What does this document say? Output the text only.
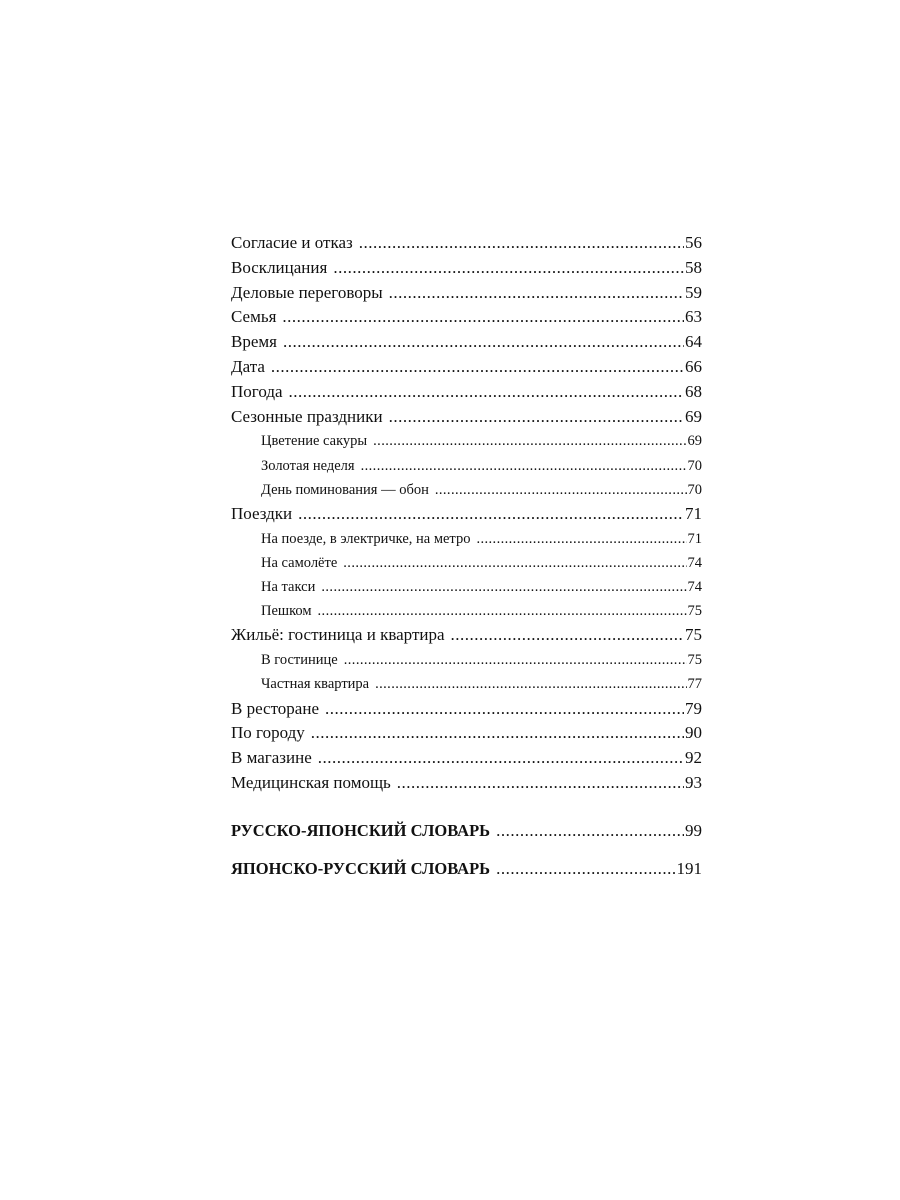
Согласие и отказ .....	56
Восклицания .....	58
Деловые переговоры .....	59
Семья .....	63
Время .....	64
Дата .....	66
Погода .....	68
Сезонные праздники .....	69
Цветение сакуры .....	69
Золотая неделя .....	70
День поминования — обон .....	70
Поездки .....	71
На поезде, в электричке, на метро .....	71
На самолёте .....	74
На такси .....	74
Пешком .....	75
Жильё: гостиница и квартира .....	75
В гостинице .....	75
Частная квартира .....	77
В ресторане .....	79
По городу .....	90
В магазине .....	92
Медицинская помощь .....	93
РУССКО-ЯПОНСКИЙ СЛОВАРЬ .....	99
ЯПОНСКО-РУССКИЙ СЛОВАРЬ .....	191
